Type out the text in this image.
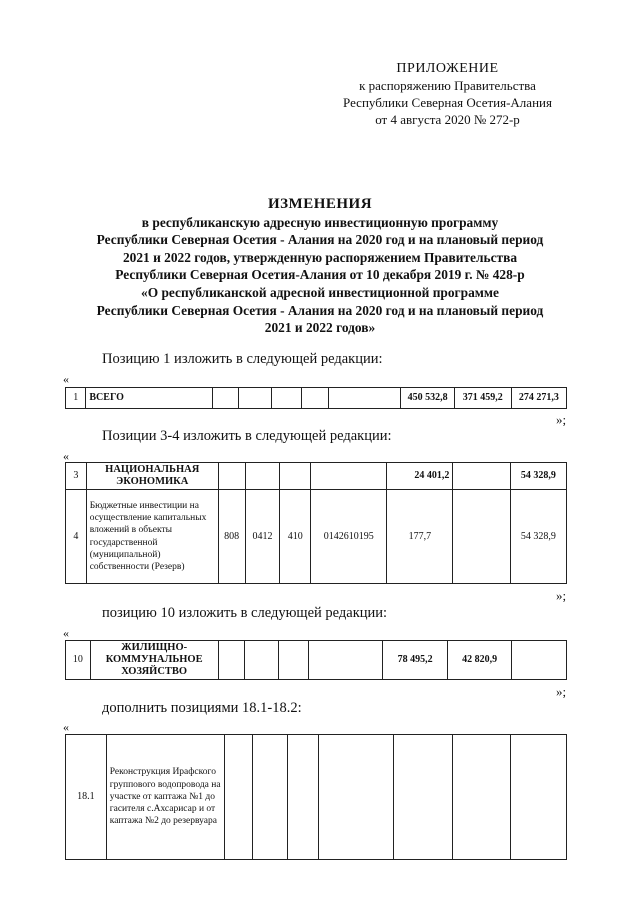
ПРИЛОЖЕНИЕ
к распоряжению Правительства
Республики Северная Осетия-Алания
от 4 августа 2020 № 272-р
ИЗМЕНЕНИЯ
в республиканскую адресную инвестиционную программу
Республики Северная Осетия - Алания на 2020 год и на плановый период
2021 и 2022 годов, утвержденную распоряжением Правительства
Республики Северная Осетия-Алания от 10 декабря 2019 г. № 428-р
«О республиканской адресной инвестиционной программе
Республики Северная Осетия - Алания на 2020 год и на плановый период
2021 и 2022 годов»
Позицию 1 изложить в следующей редакции:
«
1	ВСЕГО						450 532,8	371 459,2	274 271,3
»;
Позиции 3-4 изложить в следующей редакции:
«
3	НАЦИОНАЛЬНАЯ ЭКОНОМИКА					24 401,2		54 328,9
4	Бюджетные инвестиции на осуществление капитальных вложений в объекты государственной (муниципальной) собственности (Резерв)	808	0412	410	0142610195	177,7		54 328,9
»;
позицию 10 изложить в следующей редакции:
«
10	ЖИЛИЩНО-КОММУНАЛЬНОЕ ХОЗЯЙСТВО					78 495,2	42 820,9	
»;
дополнить позициями 18.1-18.2:
«
18.1	Реконструкция Ирафского группового водопровода на участке от каптажа №1 до гасителя с.Ахсарисар и от каптажа №2 до резервуара							
